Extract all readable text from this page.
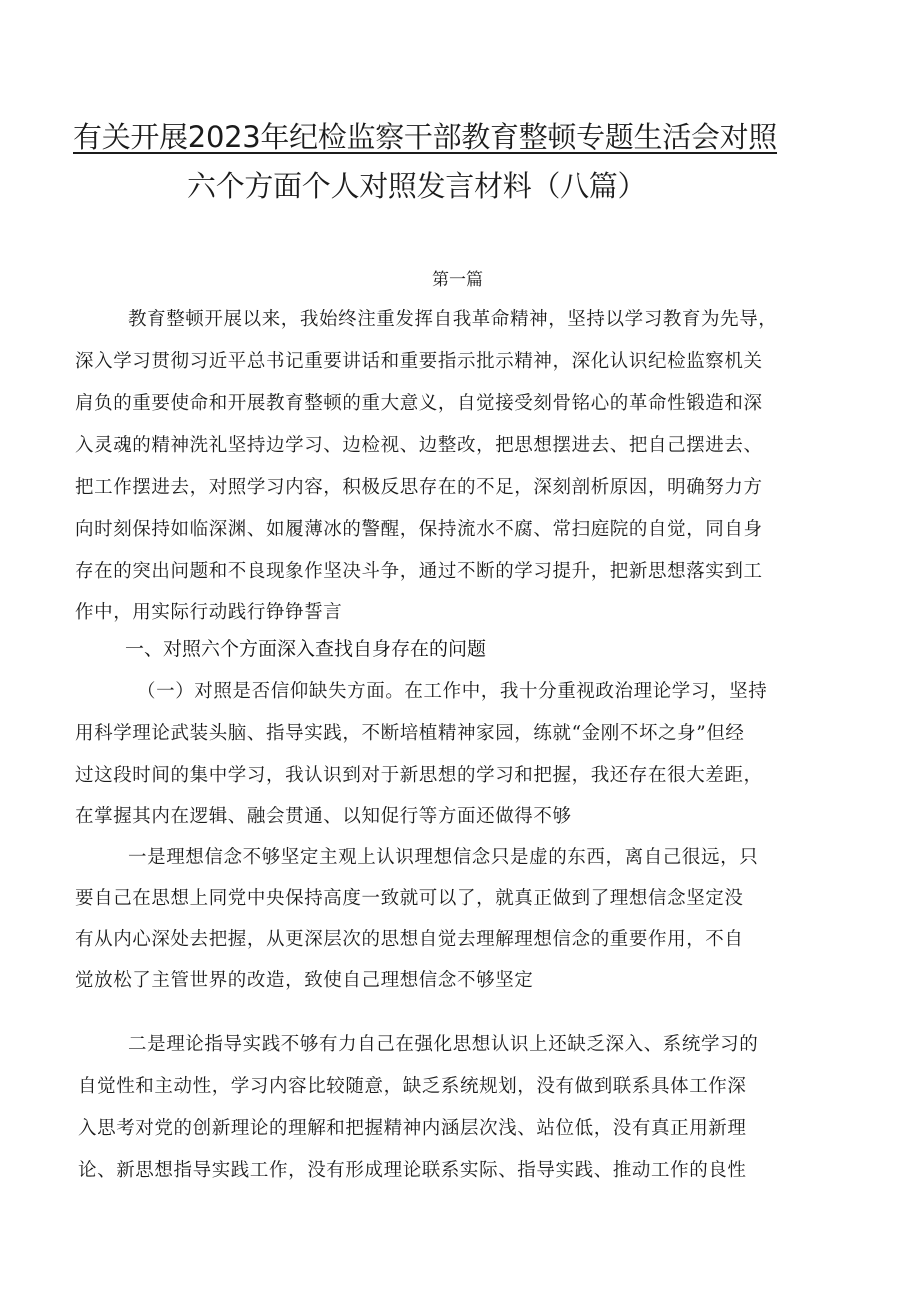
有关开展2023年纪检监察干部教育整顿专题生活会对照
六个方面个人对照发言材料（八篇）
第一篇
教育整顿开展以来，我始终注重发挥自我革命精神，坚持以学习教育为先导，
深入学习贯彻习近平总书记重要讲话和重要指示批示精神，深化认识纪检监察机关
肩负的重要使命和开展教育整顿的重大意义，自觉接受刻骨铭心的革命性锻造和深
入灵魂的精神洗礼坚持边学习、边检视、边整改，把思想摆进去、把自己摆进去、
把工作摆进去，对照学习内容，积极反思存在的不足，深刻剖析原因，明确努力方
向时刻保持如临深渊、如履薄冰的警醒，保持流水不腐、常扫庭院的自觉，同自身
存在的突出问题和不良现象作坚决斗争，通过不断的学习提升，把新思想落实到工
作中，用实际行动践行铮铮誓言
一、对照六个方面深入查找自身存在的问题
（一）对照是否信仰缺失方面。在工作中，我十分重视政治理论学习，坚持
用科学理论武装头脑、指导实践，不断培植精神家园，练就“金刚不坏之身”但经
过这段时间的集中学习，我认识到对于新思想的学习和把握，我还存在很大差距，
在掌握其内在逻辑、融会贯通、以知促行等方面还做得不够
一是理想信念不够坚定主观上认识理想信念只是虚的东西，离自己很远，只
要自己在思想上同党中央保持高度一致就可以了，就真正做到了理想信念坚定没
有从内心深处去把握，从更深层次的思想自觉去理解理想信念的重要作用，不自
觉放松了主管世界的改造，致使自己理想信念不够坚定
二是理论指导实践不够有力自己在强化思想认识上还缺乏深入、系统学习的
自觉性和主动性，学习内容比较随意，缺乏系统规划，没有做到联系具体工作深
入思考对党的创新理论的理解和把握精神内涵层次浅、站位低，没有真正用新理
论、新思想指导实践工作，没有形成理论联系实际、指导实践、推动工作的良性
